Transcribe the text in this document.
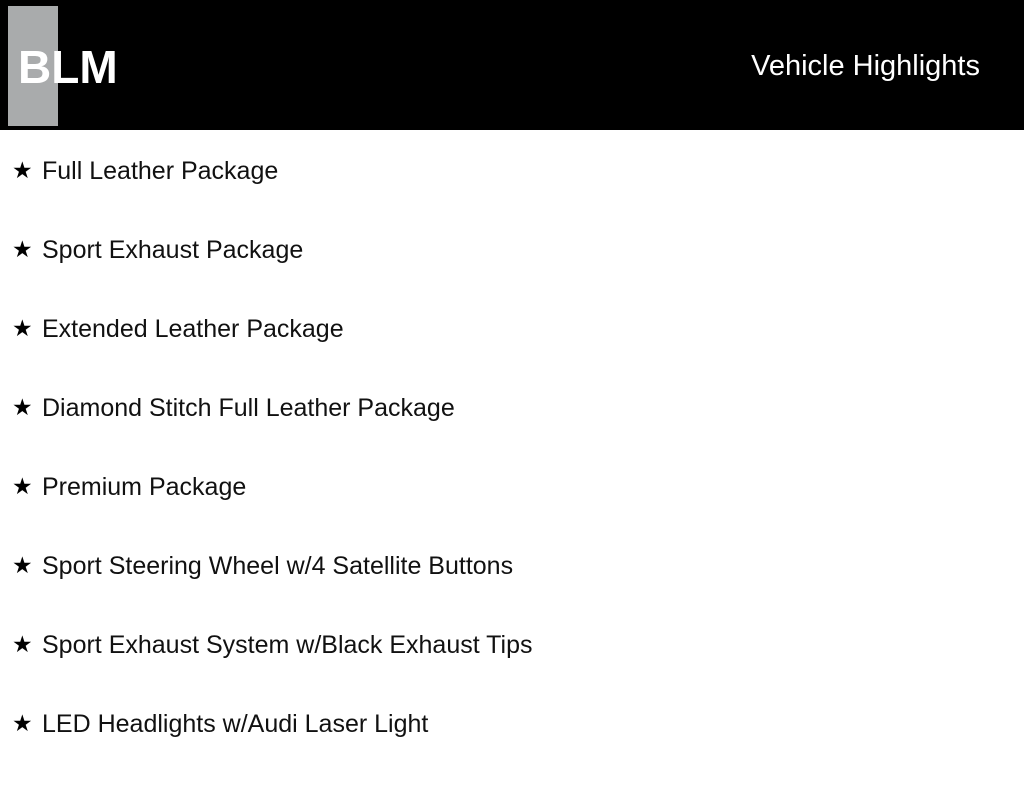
BLM	Vehicle Highlights
★ Full Leather Package
★ Sport Exhaust Package
★ Extended Leather Package
★ Diamond Stitch Full Leather Package
★ Premium Package
★ Sport Steering Wheel w/4 Satellite Buttons
★ Sport Exhaust System w/Black Exhaust Tips
★ LED Headlights w/Audi Laser Light
